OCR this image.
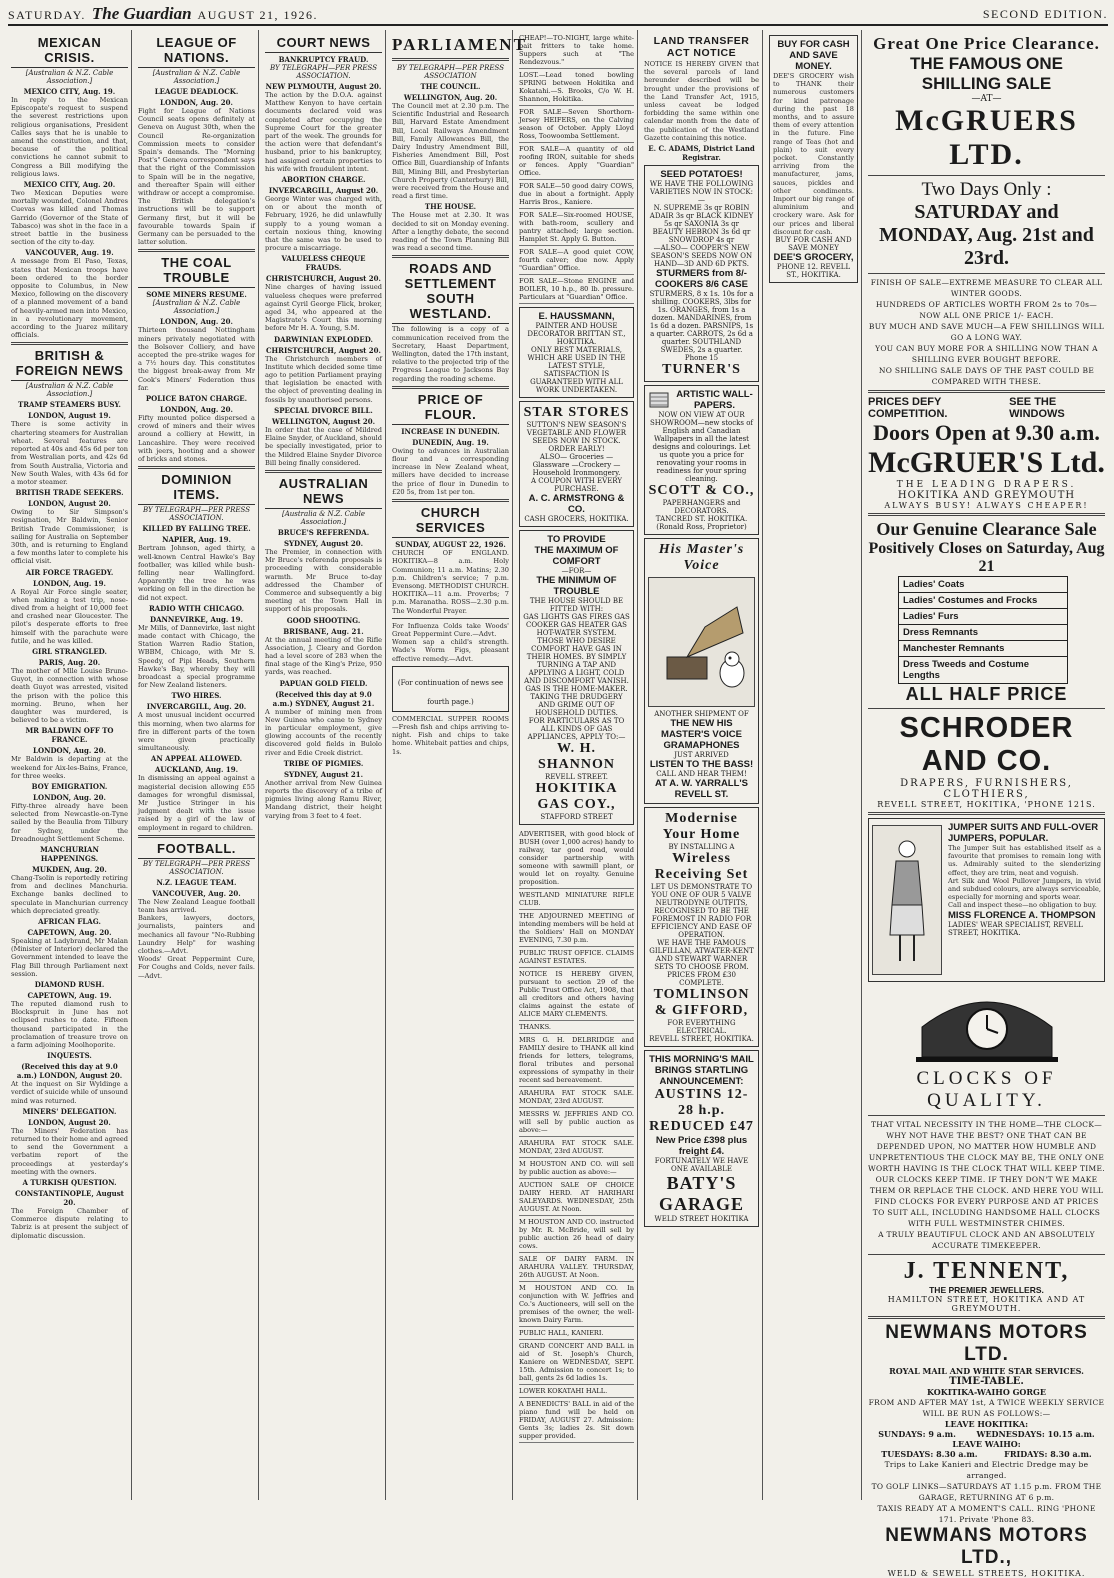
SATURDAY. The Guardian AUGUST 21, 1926.	SECOND EDITION.
MEXICAN CRISIS.
[Australian & N.Z. Cable Association.]
MEXICO CITY, Aug. 19.

In reply to the Mexican Episcopate's request to suspend the severest restrictions upon religious organisations, President Calles says that he is unable to amend the constitution, and that, because of the political convictions he cannot submit to Congress a Bill modifying the religious laws.

MEXICO CITY, Aug. 20.

Two Mexican Deputies were mortally wounded, Colonel Andres Cuevas was killed and Thomas Garrido (Governor of the State of Tabasco) was shot in the face in a street battle in the business section of the city to-day.

VANCOUVER, Aug. 19.

A message from El Paso, Texas, states that Mexican troops have been ordered to the border opposite to Columbus, in New Mexico, following on the discovery of a planned movement of a band of heavily-armed men into Mexico, in a revolutionary movement, according to the Juarez military officials.

BRITISH & FOREIGN NEWS
[Australian & N.Z. Cable Association.]
TRAMP STEAMERS BUSY.
LONDON, August 19.

There is some activity in chartering steamers for Australian wheat. Several features are reported at 40s and 45s 6d per ton from Westralian ports, and 42s 6d from South Australia, Victoria and New South Wales, with 43s 6d for a motor steamer.

BRITISH TRADE SEEKERS.
LONDON, August 20.

Owing to Sir Simpson's resignation, Mr Baldwin, Senior British Trade Commissioner, is sailing for Australia on September 30th, and is returning to England a few months later to complete his official visit.

AIR FORCE TRAGEDY.
LONDON, Aug. 19.

A Royal Air Force single seater, when making a test trip, nose-dived from a height of 10,000 feet and crashed near Gloucester. The pilot's desperate efforts to free himself with the parachute were futile, and he was killed.

GIRL STRANGLED.
PARIS, Aug. 20.

The mother of Mlle Louise Bruno-Guyot, in connection with whose death Guyot was arrested, visited the prison with the police this morning. Bruno, when her daughter was murdered, is believed to be a victim.

MR BALDWIN OFF TO FRANCE.
LONDON, Aug. 20.

Mr Baldwin is departing at the weekend for Aix-les-Bains, France, for three weeks.

BOY EMIGRATION.
LONDON, Aug. 20.

Fifty-three already have been selected from Newcastle-on-Tyne sailed by the Beaulia from Tilbury for Sydney, under the Dreadnought Settlement Scheme.

MANCHURIAN HAPPENINGS.
MUKDEN, Aug. 20.

Chang-Tsolin is reportedly retiring from and declines Manchuria. Exchange banks declined to speculate in Manchurian currency which depreciated greatly.

AFRICAN FLAG.
CAPETOWN, Aug. 20.

Speaking at Ladybrand, Mr Malan (Minister of Interior) declared the Government intended to leave the Flag Bill through Parliament next session.

DIAMOND RUSH.
CAPETOWN, Aug. 19.

The reputed diamond rush to Blockspruit in June has not eclipsed rushes to date. Fifteen thousand participated in the proclamation of treasure trove on a farm adjoining Moolhoporite.

INQUESTS.
(Received this day at 9.0 a.m.) LONDON, August 20.

At the inquest on Sir Wyldinge a verdict of suicide while of unsound mind was returned.

MINERS' DELEGATION.
LONDON, August 20.

The Miners' Federation has returned to their home and agreed to send the Government a verbatim report of the proceedings at yesterday's meeting with the owners.

A TURKISH QUESTION.
CONSTANTINOPLE, August 20.

The Foreign Chamber of Commerce dispute relating to Tabriz is at present the subject of diplomatic discussion.

LEAGUE OF NATIONS.
[Australian & N.Z. Cable Association.]
LEAGUE DEADLOCK.
LONDON, Aug. 20.

Fight for League of Nations Council seats opens definitely at Geneva on August 30th, when the Council Re-organization Commission meets to consider Spain's demands. The "Morning Post's" Geneva correspondent says that the right of the Commission to Spain will be in the negative, and thereafter Spain will either withdraw or accept a compromise. The British delegation's instructions will be to support Germany first, but it will be favourable towards Spain if Germany can be persuaded to the latter solution.

THE COAL TROUBLE
SOME MINERS RESUME.
[Australian & N.Z. Cable Association.]
LONDON, Aug. 20.

Thirteen thousand Nottingham miners privately negotiated with the Bolsover Colliery, and have accepted the pre-strike wages for a 7½ hours day. This constitutes the biggest break-away from Mr Cook's Miners' Federation thus far.

POLICE BATON CHARGE.
LONDON, Aug. 20.

Fifty mounted police dispersed a crowd of miners and their wives around a colliery at Hewitt, in Lancashire. They were received with jeers, hooting and a shower of bricks and stones.

DOMINION ITEMS.
BY TELEGRAPH—PER PRESS ASSOCIATION.
KILLED BY FALLING TREE.
NAPIER, Aug. 19.

Bertram Johnson, aged thirty, a well-known Central Hawke's Bay footballer, was killed while bush-felling near Wallingford. Apparently the tree he was working on fell in the direction he did not expect.

RADIO WITH CHICAGO.
DANNEVIRKE, Aug. 19.

Mr Mills, of Dannevirke, last night made contact with Chicago, the Station Warren Radio Station, WBBM, Chicago, with Mr S. Speedy, of Pipi Heads, Southern Hawke's Bay, whereby they will broadcast a special programme for New Zealand listeners.

TWO HIRES.
INVERCARGILL, Aug. 20.

A most unusual incident occurred this morning, when two alarms for fire in different parts of the town were given practically simultaneously.

AN APPEAL ALLOWED.
AUCKLAND, Aug. 19.

In dismissing an appeal against a magisterial decision allowing £55 damages for wrongful dismissal, Mr Justice Stringer in his judgment dealt with the issue raised by a girl of the law of employment in regard to children.

FOOTBALL.
BY TELEGRAPH—PER PRESS ASSOCIATION.
N.Z. LEAGUE TEAM.
VANCOUVER, Aug. 20.

The New Zealand League football team has arrived.

Bankers, lawyers, doctors, journalists, painters and mechanics all favour "No-Rubbing Laundry Help" for washing clothes.—Advt.

Woods' Great Peppermint Cure, For Coughs and Colds, never fails.—Advt.

COURT NEWS
BANKRUPTCY FRAUD.
BY TELEGRAPH—PER PRESS ASSOCIATION.
NEW PLYMOUTH, August 20.

The action by the D.O.A. against Matthew Kenyon to have certain documents declared void was completed after occupying the Supreme Court for the greater part of the week. The grounds for the action were that defendant's husband, prior to his bankruptcy, had assigned certain properties to his wife with fraudulent intent.

ABORTION CHARGE.
INVERCARGILL, August 20.

George Winter was charged with, on or about the month of February, 1926, he did unlawfully supply to a young woman a certain noxious thing, knowing that the same was to be used to procure a miscarriage.

VALUELESS CHEQUE FRAUDS.
CHRISTCHURCH, August 20.

Nine charges of having issued valueless cheques were preferred against Cyril George Flick, broker, aged 34, who appeared at the Magistrate's Court this morning before Mr H. A. Young, S.M.

DARWINIAN EXPLODED.
CHRISTCHURCH, August 20.

The Christchurch members of Institute which decided some time ago to petition Parliament praying that legislation be enacted with the object of preventing dealing in fossils by unauthorised persons.

SPECIAL DIVORCE BILL.
WELLINGTON, August 20.

In order that the case of Mildred Elaine Snyder, of Auckland, should be specially investigated, prior to the Mildred Elaine Snyder Divorce Bill being finally considered.

AUSTRALIAN NEWS
[Australia & N.Z. Cable Association.]
BRUCE'S REFERENDA.
SYDNEY, August 20.

The Premier, in connection with Mr Bruce's referenda proposals is proceeding with considerable warmth. Mr Bruce to-day addressed the Chamber of Commerce and subsequently a big meeting at the Town Hall in support of his proposals.

GOOD SHOOTING.
BRISBANE, Aug. 21.

At the annual meeting of the Rifle Association, J. Cleary and Gordon had a level score of 283 when the final stage of the King's Prize, 950 yards, was reached.

PAPUAN GOLD FIELD.
(Received this day at 9.0 a.m.) SYDNEY, August 21.

A number of mining men from New Guinea who came to Sydney in particular employment, give glowing accounts of the recently discovered gold fields in Bulolo river and Edie Creek district.

TRIBE OF PIGMIES.
SYDNEY, August 21.

Another arrival from New Guinea reports the discovery of a tribe of pigmies living along Ramu River, Mandang district, their height varying from 3 feet to 4 feet.

PARLIAMENT
BY TELEGRAPH—PER PRESS ASSOCIATION
THE COUNCIL.
WELLINGTON, Aug. 20.

The Council met at 2.30 p.m. The Scientific Industrial and Research Bill, Harvard Estate Amendment Bill, Local Railways Amendment Bill, Family Allowances Bill, the Dairy Industry Amendment Bill, Fisheries Amendment Bill, Post Office Bill, Guardianship of Infants Bill, Mining Bill, and Presbyterian Church Property (Canterbury) Bill, were received from the House and read a first time.

THE HOUSE.

The House met at 2.30. It was decided to sit on Monday evening. After a lengthy debate, the second reading of the Town Planning Bill was read a second time.

ROADS AND SETTLEMENT SOUTH WESTLAND.

The following is a copy of a communication received from the Secretary, Haast Department, Wellington, dated the 17th instant, relative to the projected trip of the Progress League to Jacksons Bay regarding the roading scheme.

PRICE OF FLOUR.
INCREASE IN DUNEDIN.
DUNEDIN, Aug. 19.

Owing to advances in Australian flour and a corresponding increase in New Zealand wheat, millers have decided to increase the price of flour in Dunedin to £20 5s, from 1st per ton.

CHURCH SERVICES
SUNDAY, AUGUST 22, 1926.

CHURCH OF ENGLAND. HOKITIKA—8 a.m. Holy Communion; 11 a.m. Matins; 2.30 p.m. Children's service; 7 p.m. Evensong. METHODIST CHURCH. HOKITIKA—11 a.m. Proverbs; 7 p.m. Maranatha. ROSS—2.30 p.m. The Wonderful Prayer.

For Influenza Colds take Woods' Great Peppermint Cure.—Advt.

Women sap a child's strength. Wade's Worm Figs, pleasant effective remedy.—Advt.

(For continuation of news see fourth page.)

COMMERCIAL SUPPER ROOMS—Fresh fish and chips arriving to-night. Fish and chips to take home. Whitebait patties and chips, 1s.

CHEAP!—TO-NIGHT, large white-bait fritters to take home. Suppers such at "The Rendezvous."
LOST.—Lead toned bowling SPRING between Hokitika and Kokatahi.—S. Brooks, C/o W. H. Shannon, Hokitika.
FOR SALE—Seven Shorthorn-Jersey HEIFERS, on the Calving season of October. Apply Lloyd Ross, Toowoomba Settlement.
FOR SALE—A quantity of old roofing IRON, suitable for sheds or fences. Apply "Guardian" Office.
FOR SALE—50 good dairy COWS, due in about a fortnight. Apply Harris Bros., Kaniere.
FOR SALE—Six-roomed HOUSE, with bath-room, scullery and pantry attached; large section. Hamplet St. Apply G. Button.
FOR SALE—A good quiet COW, fourth calver; due now. Apply "Guardian" Office.
FOR SALE—Stone ENGINE and BOILER, 10 h.p., 80 lb. pressure. Particulars at "Guardian" Office.
E. HAUSSMANN,
PAINTER AND HOUSE DECORATOR BRITTAN ST., HOKITIKA.
ONLY BEST MATERIALS, WHICH ARE USED IN THE LATEST STYLE, SATISFACTION IS GUARANTEED WITH ALL WORK UNDERTAKEN.
STAR STORES
SUTTON'S NEW SEASON'S VEGETABLE AND FLOWER SEEDS NOW IN STOCK. ORDER EARLY!
ALSO— Groceries —Glassware —Crockery —Household Ironmongery.
A COUPON WITH EVERY PURCHASE.
A. C. ARMSTRONG & CO.
CASH GROCERS, HOKITIKA.
TO PROVIDE
THE MAXIMUM OF COMFORT
—FOR—
THE MINIMUM OF TROUBLE
THE HOUSE SHOULD BE FITTED WITH:
GAS LIGHTS GAS FIRES GAS COOKER GAS HEATER GAS HOT-WATER SYSTEM.
THOSE WHO DESIRE COMFORT HAVE GAS IN THEIR HOMES. BY SIMPLY TURNING A TAP AND APPLYING A LIGHT, COLD AND DISCOMFORT VANISH. GAS IS THE HOME-MAKER. TAKING THE DRUDGERY AND GRIME OUT OF HOUSEHOLD DUTIES.
FOR PARTICULARS AS TO ALL KINDS OF GAS APPLIANCES, APPLY TO:—
W. H. SHANNON
REVELL STREET.
HOKITIKA GAS COY.,
STAFFORD STREET
ADVERTISER, with good block of BUSH (over 1,000 acres) handy to railway, tar good road, would consider partnership with someone with sawmill plant, or would let on royalty. Genuine proposition.
WESTLAND MINIATURE RIFLE CLUB.
THE ADJOURNED MEETING of intending members will be held at the Soldiers' Hall on MONDAY EVENING, 7.30 p.m.
PUBLIC TRUST OFFICE. CLAIMS AGAINST ESTATES.
NOTICE IS HEREBY GIVEN, pursuant to section 29 of the Public Trust Office Act, 1908, that all creditors and others having claims against the estate of ALICE MARY CLEMENTS.
THANKS.
MRS G. H. DELBRIDGE and FAMILY desire to THANK all kind friends for letters, telegrams, floral tributes and personal expressions of sympathy in their recent sad bereavement.
ARAHURA FAT STOCK SALE. MONDAY, 23rd AUGUST.
MESSRS W. JEFFRIES AND CO. will sell by public auction as above:—
ARAHURA FAT STOCK SALE. MONDAY, 23rd AUGUST.
M HOUSTON AND CO. will sell by public auction as above:—
AUCTION SALE OF CHOICE DAIRY HERD. AT HARIHARI SALEYARDS. WEDNESDAY, 25th AUGUST. At Noon.
M HOUSTON AND CO. instructed by Mr. R. McBride, will sell by public auction 26 head of dairy cows.
SALE OF DAIRY FARM. IN ARAHURA VALLEY. THURSDAY, 26th AUGUST. At Noon.
M HOUSTON AND CO. In conjunction with W. Jeffries and Co.'s Auctioneers, will sell on the premises of the owner, the well-known Dairy Farm.
PUBLIC HALL, KANIERI.
GRAND CONCERT AND BALL in aid of St. Joseph's Church, Kaniere on WEDNESDAY, SEPT. 15th. Admission to concert 1s; to ball, gents 2s 6d ladies 1s.
LOWER KOKATAHI HALL.
A BENEDICTS' BALL in aid of the piano fund will be held on FRIDAY, AUGUST 27. Admission: Gents 3s; ladies 2s. Sit down supper provided.
LAND TRANSFER ACT NOTICE

NOTICE IS HEREBY GIVEN that the several parcels of land hereunder described will be brought under the provisions of the Land Transfer Act, 1915, unless caveat be lodged forbidding the same within one calendar month from the date of the publication of the Westland Gazette containing this notice.

E. C. ADAMS, District Land Registrar.
SEED POTATOES!
WE HAVE THE FOLLOWING VARIETIES NOW IN STOCK:—
N. SUPREME 3s qr ROBIN ADAIR 3s qr BLACK KIDNEY 5s qr SAXONIA 3s qr BEAUTY HEBRON 3s 6d qr SNOWDROP 4s qr
—ALSO— COOPER'S NEW SEASON'S SEEDS NOW ON HAND—3D AND 6D PKTS.
STURMERS from 8/- COOKERS 8/6 CASE
STURMERS, 8 x 1s. 10s for a shilling. COOKERS, 3lbs for 1s. ORANGES, from 1s a dozen. MANDARINES, from 1s 6d a dozen. PARSNIPS, 1s a quarter. CARROTS, 2s 6d a quarter. SOUTHLAND SWEDES, 2s a quarter.
Phone 15
TURNER'S
ARTISTIC WALL-PAPERS.
NOW ON VIEW AT OUR SHOWROOM—new stocks of English and Canadian Wallpapers in all the latest designs and colourings. Let us quote you a price for renovating your rooms in readiness for your spring cleaning.
SCOTT & CO.,
PAPERHANGERS and DECORATORS.
TANCRED ST. HOKITIKA. (Ronald Ross, Proprietor)
His Master's Voice
ANOTHER SHIPMENT OF
THE NEW HIS MASTER'S VOICE GRAMAPHONES
JUST ARRIVED
LISTEN TO THE BASS!
CALL AND HEAR THEM!
AT A. W. YARRALL'S REVELL ST.
Modernise Your Home
BY INSTALLING A
Wireless Receiving Set
LET US DEMONSTRATE TO YOU ONE OF OUR 5 VALVE NEUTRODYNE OUTFITS, RECOGNISED TO BE THE FOREMOST IN RADIO FOR EFFICIENCY AND EASE OF OPERATION.
WE HAVE THE FAMOUS GILFILLAN, ATWATER-KENT AND STEWART WARNER SETS TO CHOOSE FROM. PRICES FROM £30 COMPLETE.
TOMLINSON & GIFFORD,
FOR EVERYTHING ELECTRICAL.
REVELL STREET, HOKITIKA.
THIS MORNING'S MAIL BRINGS STARTLING ANNOUNCEMENT:
AUSTINS 12-28 h.p. REDUCED £47
New Price £398 plus freight £4.
FORTUNATELY WE HAVE ONE AVAILABLE
BATY'S GARAGE
WELD STREET HOKITIKA
BUY FOR CASH AND SAVE MONEY.

DEE'S GROCERY wish to THANK their numerous customers for kind patronage during the past 18 months, and to assure them of every attention in the future. Fine range of Teas (hot and plain) to suit every pocket. Constantly arriving from the manufacturer, jams, sauces, pickles and other condiments. Import our big range of aluminium and crockery ware. Ask for our prices and liberal discount for cash.

BUY FOR CASH AND SAVE MONEY
DEE'S GROCERY,
PHONE 12. REVELL ST., HOKITIKA.
Great One Price Clearance.
THE FAMOUS ONE SHILLING SALE
—AT—
McGRUERS LTD.
Two Days Only :
SATURDAY and MONDAY, Aug. 21st and 23rd.
FINISH OF SALE—EXTREME MEASURE TO CLEAR ALL WINTER GOODS.
HUNDREDS OF ARTICLES WORTH FROM 2s to 70s—NOW ALL ONE PRICE 1/- EACH.
BUY MUCH AND SAVE MUCH—A FEW SHILLINGS WILL GO A LONG WAY.
YOU CAN BUY MORE FOR A SHILLING NOW THAN A SHILLING EVER BOUGHT BEFORE.
NO SHILLING SALE DAYS OF THE PAST COULD BE COMPARED WITH THESE.
PRICES DEFY COMPETITION.
SEE THE WINDOWS
Doors Open at 9.30 a.m.
McGRUER'S Ltd.
THE LEADING DRAPERS.
HOKITIKA AND GREYMOUTH
ALWAYS BUSY! ALWAYS CHEAPER!
Our Genuine Clearance Sale
Positively Closes on Saturday, Aug 21
Ladies' Coats
Ladies' Costumes and Frocks
Ladies' Furs
Dress Remnants
Manchester Remnants
Dress Tweeds and Costume Lengths
ALL HALF PRICE
SCHRODER AND CO.
DRAPERS, FURNISHERS, CLOTHIERS,
REVELL STREET, HOKITIKA, 'PHONE 121S.
JUMPER SUITS AND FULL-OVER JUMPERS, POPULAR.

The Jumper Suit has established itself as a favourite that promises to remain long with us. Admirably suited to the slenderizing effect, they are trim, neat and voguish.

Art Silk and Wool Pullover Jumpers, in vivid and subdued colours, are always serviceable, especially for morning and sports wear.

Call and inspect these—no obligation to buy.

MISS FLORENCE A. THOMPSON
LADIES' WEAR SPECIALIST, REVELL STREET, HOKITIKA.
CLOCKS OF QUALITY.

THAT VITAL NECESSITY IN THE HOME—THE CLOCK—WHY NOT HAVE THE BEST? ONE THAT CAN BE DEPENDED UPON, NO MATTER HOW HUMBLE AND UNPRETENTIOUS THE CLOCK MAY BE, THE ONLY ONE WORTH HAVING IS THE CLOCK THAT WILL KEEP TIME.

OUR CLOCKS KEEP TIME. IF THEY DON'T WE MAKE THEM OR REPLACE THE CLOCK. AND HERE YOU WILL FIND CLOCKS FOR EVERY PURPOSE AND AT PRICES TO SUIT ALL, INCLUDING HANDSOME HALL CLOCKS WITH FULL WESTMINSTER CHIMES.

A TRULY BEAUTIFUL CLOCK AND AN ABSOLUTELY ACCURATE TIMEKEEPER.

J. TENNENT,
THE PREMIER JEWELLERS.
HAMILTON STREET, HOKITIKA AND AT GREYMOUTH.
NEWMANS MOTORS LTD.
ROYAL MAIL AND WHITE STAR SERVICES.
TIME-TABLE.
KOKITIKA-WAIHO GORGE
FROM AND AFTER MAY 1st, A TWICE WEEKLY SERVICE WILL BE RUN AS FOLLOWS:—
LEAVE HOKITIKA:
SUNDAYS: 9 a.m.	WEDNESDAYS: 10.15 a.m.
LEAVE WAIHO:
TUESDAYS: 8.30 a.m.	FRIDAYS: 8.30 a.m.
Trips to Lake Kanieri and Electric Dredge may be arranged.
TO GOLF LINKS—SATURDAYS AT 1.15 p.m. FROM THE GARAGE, RETURNING AT 6 p.m.
TAXIS READY AT A MOMENT'S CALL. RING 'PHONE 171. Private 'Phone 83.
NEWMANS MOTORS LTD.,
WELD & SEWELL STREETS, HOKITIKA.
